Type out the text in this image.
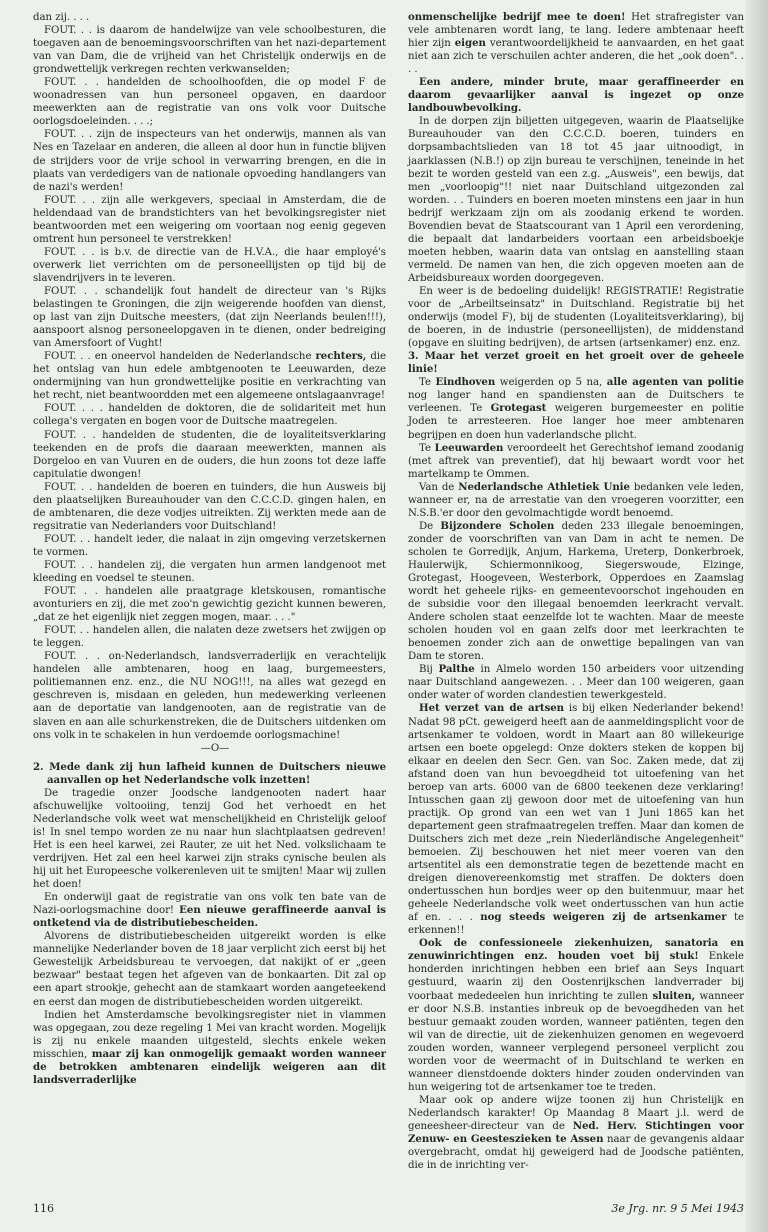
dan zij. . . .

FOUT. . . is daarom de handelwijze van vele schoolbesturen, die toegaven aan de benoemingsvoorschriften van het nazi-departement van van Dam, die de vrijheid van het Christelijk onderwijs en de grondwettelijk verkregen rechten verkwanselden;

FOUT. . . handelden de schoolhoofden, die op model F de woonadressen van hun personeel opgaven, en daardoor meewerkten aan de registratie van ons volk voor Duitsche oorlogsdoeleinden. . . .;

FOUT. . . zijn de inspecteurs van het onderwijs, mannen als van Nes en Tazelaar en anderen, die alleen al door hun in functie blijven de strijders voor de vrije school in verwarring brengen, en die in plaats van verdedigers van de nationale opvoeding handlangers van de nazi's werden!

FOUT. . . zijn alle werkgevers, speciaal in Amsterdam, die de heldendaad van de brandstichters van het bevolkingsregister niet beantwoorden met een weigering om voortaan nog eenig gegeven omtrent hun personeel te verstrekken!

FOUT. . . is b.v. de directie van de H.V.A., die haar employé's overwerk liet verrichten om de personeellijsten op tijd bij de slavendrijvers in te leveren.

FOUT. . . schandelijk fout handelt de directeur van 's Rijks belastingen te Groningen, die zijn weigerende hoofden van dienst, op last van zijn Duitsche meesters, (dat zijn Neerlands beulen!!!), aanspoort alsnog personeelopgaven in te dienen, onder bedreiging van Amersfoort of Vught!

FOUT. . . en oneervol handelden de Nederlandsche rechters, die het ontslag van hun edele ambtgenooten te Leeuwarden, deze ondermijning van hun grondwettelijke positie en verkrachting van het recht, niet beantwoordden met een algemeene ontslagaanvrage!

FOUT. . . . handelden de doktoren, die de solidariteit met hun collega's vergaten en bogen voor de Duitsche maatregelen.

FOUT. . . handelden de studenten, die de loyaliteitsverklaring teekenden en de profs die daaraan meewerkten, mannen als Dorgeloo en van Vuuren en de ouders, die hun zoons tot deze laffe capitulatie dwongen!

FOUT. . . handelden de boeren en tuinders, die hun Ausweis bij den plaatselijken Bureauhouder van den C.C.C.D. gingen halen, en de ambtenaren, die deze vodjes uitreikten. Zij werkten mede aan de regsitratie van Nederlanders voor Duitschland!

FOUT. . . handelt ieder, die nalaat in zijn omgeving verzetskernen te vormen.

FOUT. . . handelen zij, die vergaten hun armen landgenoot met kleeding en voedsel te steunen.

FOUT. . . handelen alle praatgrage kletskousen, romantische avonturiers en zij, die met zoo'n gewichtig gezicht kunnen beweren, „dat ze het eigenlijk niet zeggen mogen, maar. . . ."

FOUT. . . handelen allen, die nalaten deze zwetsers het zwijgen op te leggen.

FOUT. . . on-Nederlandsch, landsverraderlijk en verachtelijk handelen alle ambtenaren, hoog en laag, burgemeesters, politiemannen enz. enz., die NU NOG!!!, na alles wat gezegd en geschreven is, misdaan en geleden, hun medewerking verleenen aan de deportatie van landgenooten, aan de registratie van de slaven en aan alle schurkenstreken, die de Duitschers uitdenken om ons volk in te schakelen in hun verdoemde oorlogsmachine!

—O—

2. Mede dank zij hun lafheid kunnen de Duitschers nieuwe aanvallen op het Nederlandsche volk inzetten!

De tragedie onzer Joodsche landgenooten nadert haar afschuwelijke voltooiing, tenzij God het verhoedt en het Nederlandsche volk weet wat menschelijkheid en Christelijk geloof is! In snel tempo worden ze nu naar hun slachtplaatsen gedreven! Het is een heel karwei, zei Rauter, ze uit het Ned. volkslichaam te verdrijven. Het zal een heel karwei zijn straks cynische beulen als hij uit het Europeesche volkerenleven uit te smijten! Maar wij zullen het doen!

En onderwijl gaat de registratie van ons volk ten bate van de Nazi-oorlogsmachine door! Een nieuwe geraffineerde aanval is ontketend via de distributiebescheiden.

Alvorens de distributiebescheiden uitgereikt worden is elke mannelijke Nederlander boven de 18 jaar verplicht zich eerst bij het Gewestelijk Arbeidsbureau te vervoegen, dat nakijkt of er „geen bezwaar" bestaat tegen het afgeven van de bonkaarten. Dit zal op een apart strookje, gehecht aan de stamkaart worden aangeteekend en eerst dan mogen de distributiebescheiden worden uitgereikt.

Indien het Amsterdamsche bevolkingsregister niet in vlammen was opgegaan, zou deze regeling 1 Mei van kracht worden. Mogelijk is zij nu enkele maanden uitgesteld, slechts enkele weken misschien, maar zij kan onmogelijk gemaakt worden wanneer de betrokken ambtenaren eindelijk weigeren aan dit landsverraderlijke

onmenschelijke bedrijf mee te doen! Het strafregister van vele ambtenaren wordt lang, te lang. Iedere ambtenaar heeft hier zijn eigen verantwoordelijkheid te aanvaarden, en het gaat niet aan zich te verschuilen achter anderen, die het „ook doen". . . .

Een andere, minder brute, maar geraffineerder en daarom gevaarlijker aanval is ingezet op onze landbouwbevolking.

In de dorpen zijn biljetten uitgegeven, waarin de Plaatselijke Bureauhouder van den C.C.C.D. boeren, tuinders en dorpsambachtslieden van 18 tot 45 jaar uitnoodigt, in jaarklassen (N.B.!) op zijn bureau te verschijnen, teneinde in het bezit te worden gesteld van een z.g. „Ausweis", een bewijs, dat men „voorloopig"!! niet naar Duitschland uitgezonden zal worden. . . Tuinders en boeren moeten minstens een jaar in hun bedrijf werkzaam zijn om als zoodanig erkend te worden. Bovendien bevat de Staatscourant van 1 April een verordening, die bepaalt dat landarbeiders voortaan een arbeidsboekje moeten hebben, waarin data van ontslag en aanstelling staan vermeld. De namen van hen, die zich opgeven moeten aan de Arbeidsbureaux worden doorgegeven.

En weer is de bedoeling duidelijk! REGISTRATIE! Registratie voor de „Arbeiltseinsatz" in Duitschland. Registratie bij het onderwijs (model F), bij de studenten (Loyaliteitsverklaring), bij de boeren, in de industrie (personeellijsten), de middenstand (opgave en sluiting bedrijven), de artsen (artsenkamer) enz. enz.

3. Maar het verzet groeit en het groeit over de geheele linie!

Te Eindhoven weigerden op 5 na, alle agenten van politie nog langer hand en spandiensten aan de Duitschers te verleenen. Te Grotegast weigeren burgemeester en politie Joden te arresteeren. Hoe langer hoe meer ambtenaren begrijpen en doen hun vaderlandsche plicht.

Te Leeuwarden veroordeelt het Gerechtshof iemand zoodanig (met aftrek van preventief), dat hij bewaart wordt voor het martelkamp te Ommen.

Van de Nederlandsche Athletiek Unie bedanken vele leden, wanneer er, na de arrestatie van den vroegeren voorzitter, een N.S.B.'er door den gevolmachtigde wordt benoemd.

De Bijzondere Scholen deden 233 illegale benoemingen, zonder de voorschriften van van Dam in acht te nemen. De scholen te Gorredijk, Anjum, Harkema, Ureterp, Donkerbroek, Haulerwijk, Schiermonnikoog, Siegerswoude, Elzinge, Grotegast, Hoogeveen, Westerbork, Opperdoes en Zaamslag wordt het geheele rijks- en gemeentevoorschot ingehouden en de subsidie voor den illegaal benoemden leerkracht vervalt. Andere scholen staat eenzelfde lot te wachten. Maar de meeste scholen houden vol en gaan zelfs door met leerkrachten te benoemen zonder zich aan de onwettige bepalingen van van Dam te storen.

Bij Palthe in Almelo worden 150 arbeiders voor uitzending naar Duitschland aangewezen. . . Meer dan 100 weigeren, gaan onder water of worden clandestien tewerkgesteld.

Het verzet van de artsen is bij elken Nederlander bekend! Nadat 98 pCt. geweigerd heeft aan de aanmeldingsplicht voor de artsenkamer te voldoen, wordt in Maart aan 80 willekeurige artsen een boete opgelegd: Onze dokters steken de koppen bij elkaar en deelen den Secr. Gen. van Soc. Zaken mede, dat zij afstand doen van hun bevoegdheid tot uitoefening van het beroep van arts. 6000 van de 6800 teekenen deze verklaring! Intusschen gaan zij gewoon door met de uitoefening van hun practijk. Op grond van een wet van 1 Juni 1865 kan het departement geen strafmaatregelen treffen. Maar dan komen de Duitschers zich met deze „rein Niederländische Angelegenheit" bemoeien. Zij beschouwen het niet meer voeren van den artsentitel als een demonstratie tegen de bezettende macht en dreigen dienovereenkomstig met straffen. De dokters doen ondertusschen hun bordjes weer op den buitenmuur, maar het geheele Nederlandsche volk weet ondertusschen van hun actie af en. . . . nog steeds weigeren zij de artsenkamer te erkennen!!

Ook de confessioneele ziekenhuizen, sanatoria en zenuwinrichtingen enz. houden voet bij stuk! Enkele honderden inrichtingen hebben een brief aan Seys Inquart gestuurd, waarin zij den Oostenrijkschen landverrader bij voorbaat mededeelen hun inrichting te zullen sluiten, wanneer er door N.S.B. instanties inbreuk op de bevoegdheden van het bestuur gemaakt zouden worden, wanneer patiënten, tegen den wil van de directie, uit de ziekenhuizen genomen en wegevoerd zouden worden, wanneer verplegend personeel verplicht zou worden voor de weermacht of in Duitschland te werken en wanneer dienstdoende dokters hinder zouden ondervinden van hun weigering tot de artsenkamer toe te treden.

Maar ook op andere wijze toonen zij hun Christelijk en Nederlandsch karakter! Op Maandag 8 Maart j.l. werd de geneesheer-directeur van de Ned. Herv. Stichtingen voor Zenuw- en Geesteszieken te Assen naar de gevangenis aldaar overgebracht, omdat hij geweigerd had de Joodsche patiënten, die in de inrichting ver-

116	3e Jrg. nr. 9 5 Mei 1943
